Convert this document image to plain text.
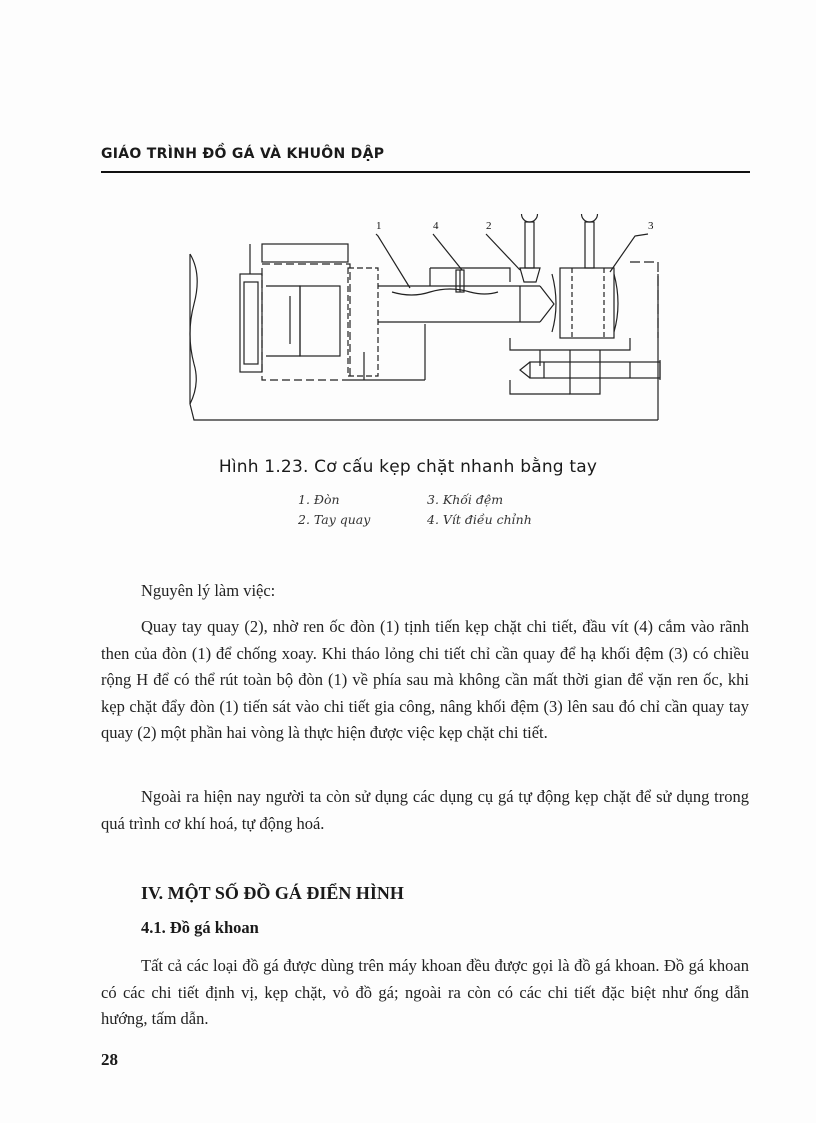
GIÁO TRÌNH ĐỒ GÁ VÀ KHUÔN DẬP
1	4	2	3
Hình 1.23. Cơ cấu kẹp chặt nhanh bằng tay
1. Đòn
2. Tay quay
3. Khối đệm
4. Vít điều chỉnh
Nguyên lý làm việc:
Quay tay quay (2), nhờ ren ốc đòn (1) tịnh tiến kẹp chặt chi tiết, đầu vít (4) cắm vào rãnh then của đòn (1) để chống xoay. Khi tháo lỏng chi tiết chỉ cần quay để hạ khối đệm (3) có chiều rộng H để có thể rút toàn bộ đòn (1) về phía sau mà không cần mất thời gian để vặn ren ốc, khi kẹp chặt đẩy đòn (1) tiến sát vào chi tiết gia công, nâng khối đệm (3) lên sau đó chỉ cần quay tay quay (2) một phần hai vòng là thực hiện được việc kẹp chặt chi tiết.
Ngoài ra hiện nay người ta còn sử dụng các dụng cụ gá tự động kẹp chặt để sử dụng trong quá trình cơ khí hoá, tự động hoá.
IV. MỘT SỐ ĐỒ GÁ ĐIỂN HÌNH
4.1. Đồ gá khoan
Tất cả các loại đồ gá được dùng trên máy khoan đều được gọi là đồ gá khoan. Đồ gá khoan có các chi tiết định vị, kẹp chặt, vỏ đồ gá; ngoài ra còn có các chi tiết đặc biệt như ống dẫn hướng, tấm dẫn.
28
